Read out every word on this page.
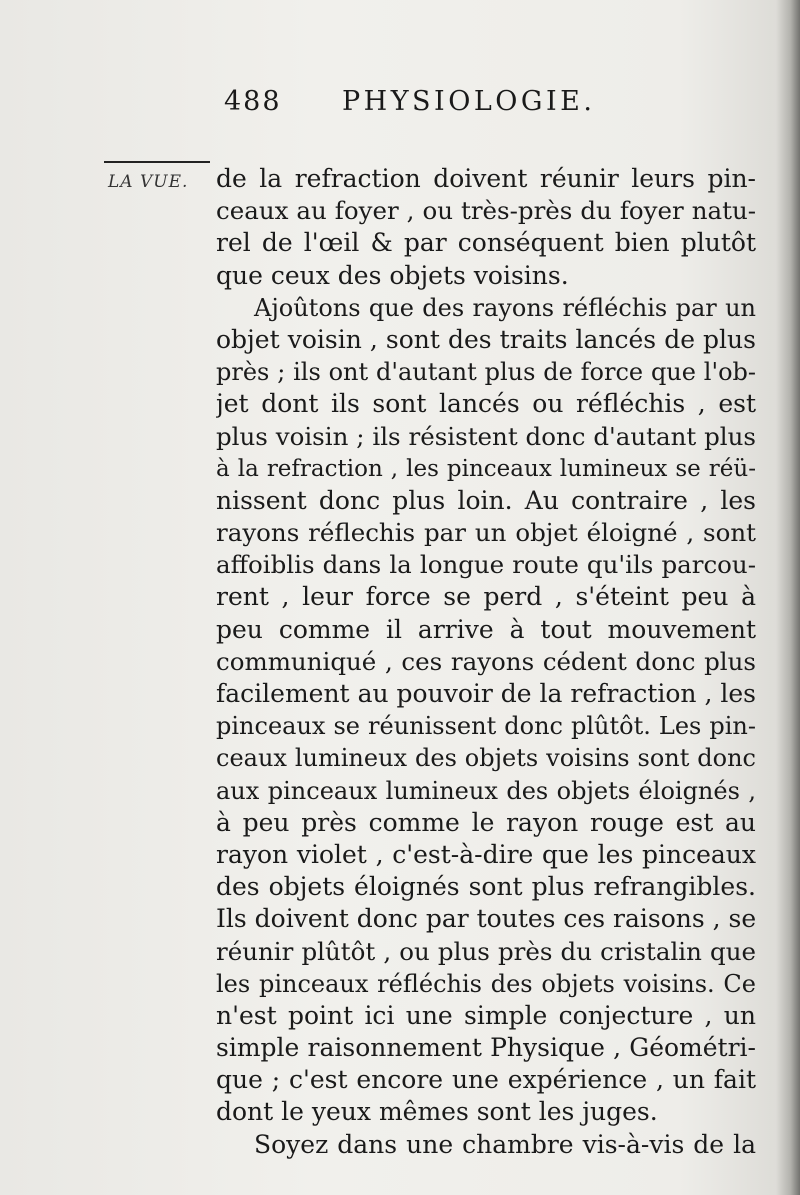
488 PHYSIOLOGIE.
LA VUE. de la refraction doivent réunir leurs pin-
ceaux au foyer , ou très-près du foyer natu-
rel de l'œil & par conséquent bien plutôt
que ceux des objets voisins.
Ajoûtons que des rayons réfléchis par un
objet voisin , sont des traits lancés de plus
près ; ils ont d'autant plus de force que l'ob-
jet dont ils sont lancés ou réfléchis , est
plus voisin ; ils résistent donc d'autant plus
à la refraction , les pinceaux lumineux se réü-
nissent donc plus loin. Au contraire , les
rayons réflechis par un objet éloigné , sont
affoiblis dans la longue route qu'ils parcou-
rent , leur force se perd , s'éteint peu à
peu comme il arrive à tout mouvement
communiqué , ces rayons cédent donc plus
facilement au pouvoir de la refraction , les
pinceaux se réunissent donc plûtôt. Les pin-
ceaux lumineux des objets voisins sont donc
aux pinceaux lumineux des objets éloignés ,
à peu près comme le rayon rouge est au
rayon violet , c'est-à-dire que les pinceaux
des objets éloignés sont plus refrangibles.
Ils doivent donc par toutes ces raisons , se
réunir plûtôt , ou plus près du cristalin que
les pinceaux réfléchis des objets voisins. Ce
n'est point ici une simple conjecture , un
simple raisonnement Physique , Géométri-
que ; c'est encore une expérience , un fait
dont le yeux mêmes sont les juges.
Soyez dans une chambre vis-à-vis de la
